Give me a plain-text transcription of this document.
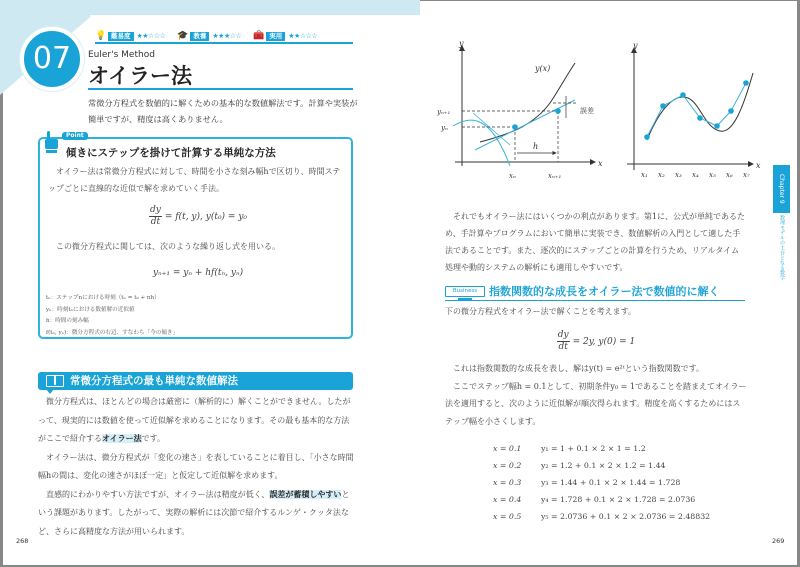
07
💡 難易度 ★★☆☆☆ 🎓 教養 ★★★☆☆ 🧰 実用 ★★☆☆☆
Euler's Method
オイラー法
常微分方程式を数値的に解くための基本的な数値解法です。計算や実装が簡単ですが、精度は高くありません。
Point
傾きにステップを掛けて計算する単純な方法

オイラー法は常微分方程式に対して、時間を小さな刻み幅hで区切り、時間ステップごとに直線的な近似で解を求めていく手法。

$\frac{dy}{dt} = f(t$, y), y(t₀) = y₀

この微分方程式に関しては、次のような繰り返し式を用いる。

yₙ₊₁ = yₙ + hf(tₙ, yₙ)
tₙ：ステップnにおける時刻（tₙ = t₀ + nh）
yₙ：時刻tₙにおける数値解の近似値
h：時間の刻み幅
f(tₙ, yₙ)：微分方程式の右辺、すなわち「今の傾き」
常微分方程式の最も単純な数値解法

微分方程式は、ほとんどの場合は厳密に（解析的に）解くことができません。したがって、現実的には数値を使って近似解を求めることになります。その最も基本的な方法がここで紹介するオイラー法です。

オイラー法は、微分方程式が「変化の速さ」を表していることに着目し、「小さな時間幅hの間は、変化の速さがほぼ一定」と仮定して近似解を求めます。

直感的にわかりやすい方法ですが、オイラー法は精度が低く、誤差が蓄積しやすいという課題があります。したがって、実際の解析には次節で紹介するルンゲ・クッタ法など、さらに高精度な方法が用いられます。

268
y
x
y(x)
yₙ₊₁
yₙ
xₙ	xₙ₊₁
h
誤差
y
x
x₁ x₂ x₃ x₄ x₅ x₆ x₇	Chapter 9
数理モデルの土台となる数学

それでもオイラー法にはいくつかの利点があります。第1に、公式が単純であるため、手計算やプログラムにおいて簡単に実装でき、数値解析の入門として適した手法であることです。また、逐次的にステップごとの計算を行うため、リアルタイム処理や動的システムの解析にも適用しやすいです。

Business	指数関数的な成長をオイラー法で数値的に解く
下の微分方程式をオイラー法で解くことを考えます。
$\frac{dy}{dt} = 2y$, y(0) = 1

これは指数関数的な成長を表し、解はy(t) = e²ᵗという指数関数です。

ここでステップ幅h = 0.1として、初期条件y₀ = 1であることを踏まえてオイラー法を適用すると、次のように近似解が順次得られます。精度を高くするためにはステップ幅を小さくします。

x = 0.1	y₁ = 1 + 0.1 × 2 × 1 = 1.2
x = 0.2	y₂ = 1.2 + 0.1 × 2 × 1.2 = 1.44
x = 0.3	y₃ = 1.44 + 0.1 × 2 × 1.44 = 1.728
x = 0.4	y₄ = 1.728 + 0.1 × 2 × 1.728 = 2.0736
x = 0.5	y₅ = 2.0736 + 0.1 × 2 × 2.0736 = 2.48832
269
